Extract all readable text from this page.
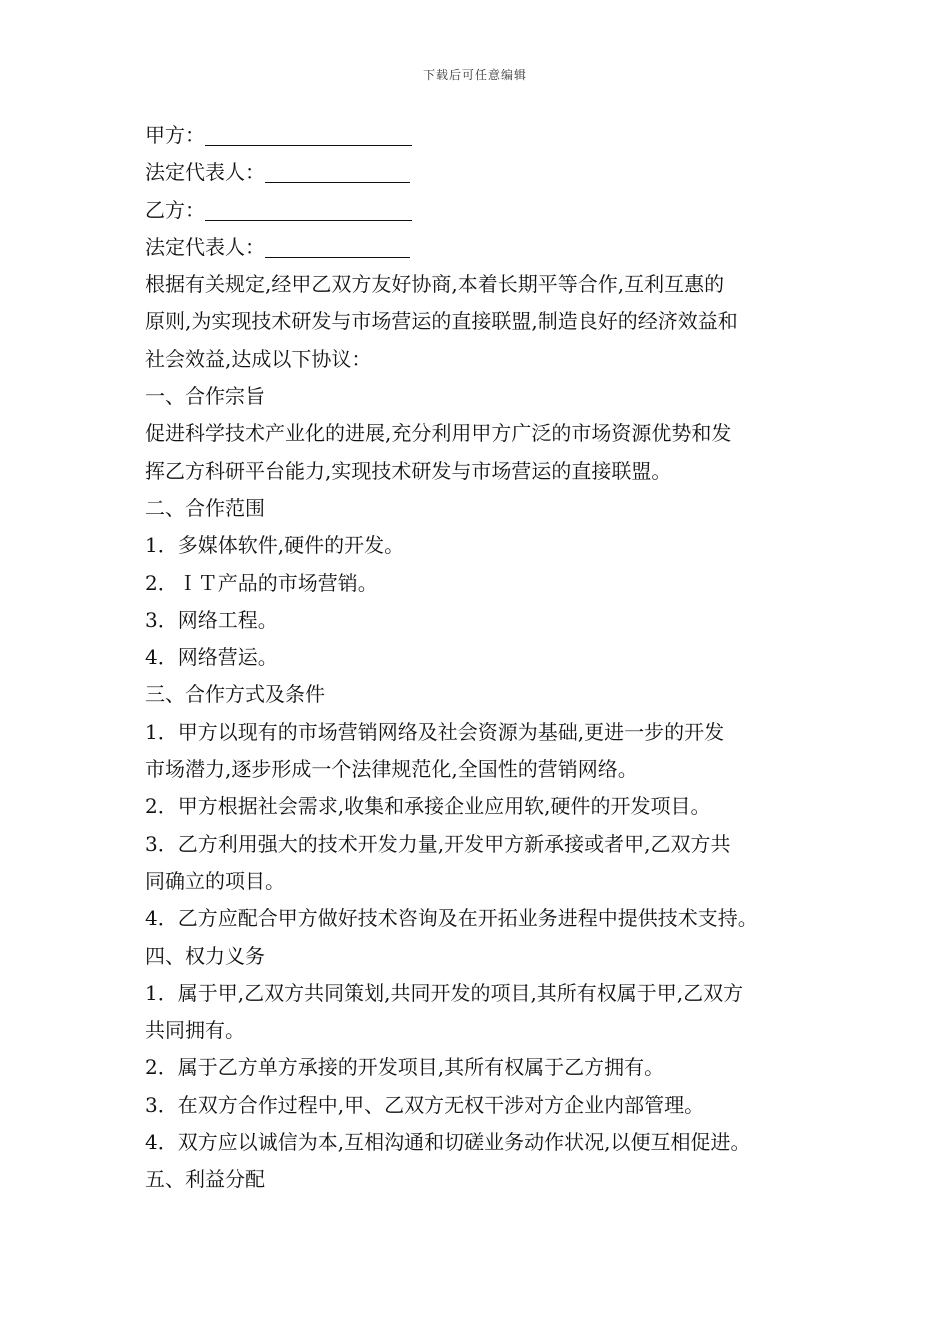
下载后可任意编辑
甲方：
法定代表人：
乙方：
法定代表人：
根据有关规定,经甲乙双方友好协商,本着长期平等合作,互利互惠的
原则,为实现技术研发与市场营运的直接联盟,制造良好的经济效益和
社会效益,达成以下协议：
一、合作宗旨
促进科学技术产业化的进展,充分利用甲方广泛的市场资源优势和发
挥乙方科研平台能力,实现技术研发与市场营运的直接联盟。
二、合作范围
1．多媒体软件,硬件的开发。
2．ＩＴ产品的市场营销。
3．网络工程。
4．网络营运。
三、合作方式及条件
1．甲方以现有的市场营销网络及社会资源为基础,更进一步的开发
市场潜力,逐步形成一个法律规范化,全国性的营销网络。
2．甲方根据社会需求,收集和承接企业应用软,硬件的开发项目。
3．乙方利用强大的技术开发力量,开发甲方新承接或者甲,乙双方共
同确立的项目。
4．乙方应配合甲方做好技术咨询及在开拓业务进程中提供技术支持。
四、权力义务
1．属于甲,乙双方共同策划,共同开发的项目,其所有权属于甲,乙双方
共同拥有。
2．属于乙方单方承接的开发项目,其所有权属于乙方拥有。
3．在双方合作过程中,甲、乙双方无权干涉对方企业内部管理。
4．双方应以诚信为本,互相沟通和切磋业务动作状况,以便互相促进。
五、利益分配
